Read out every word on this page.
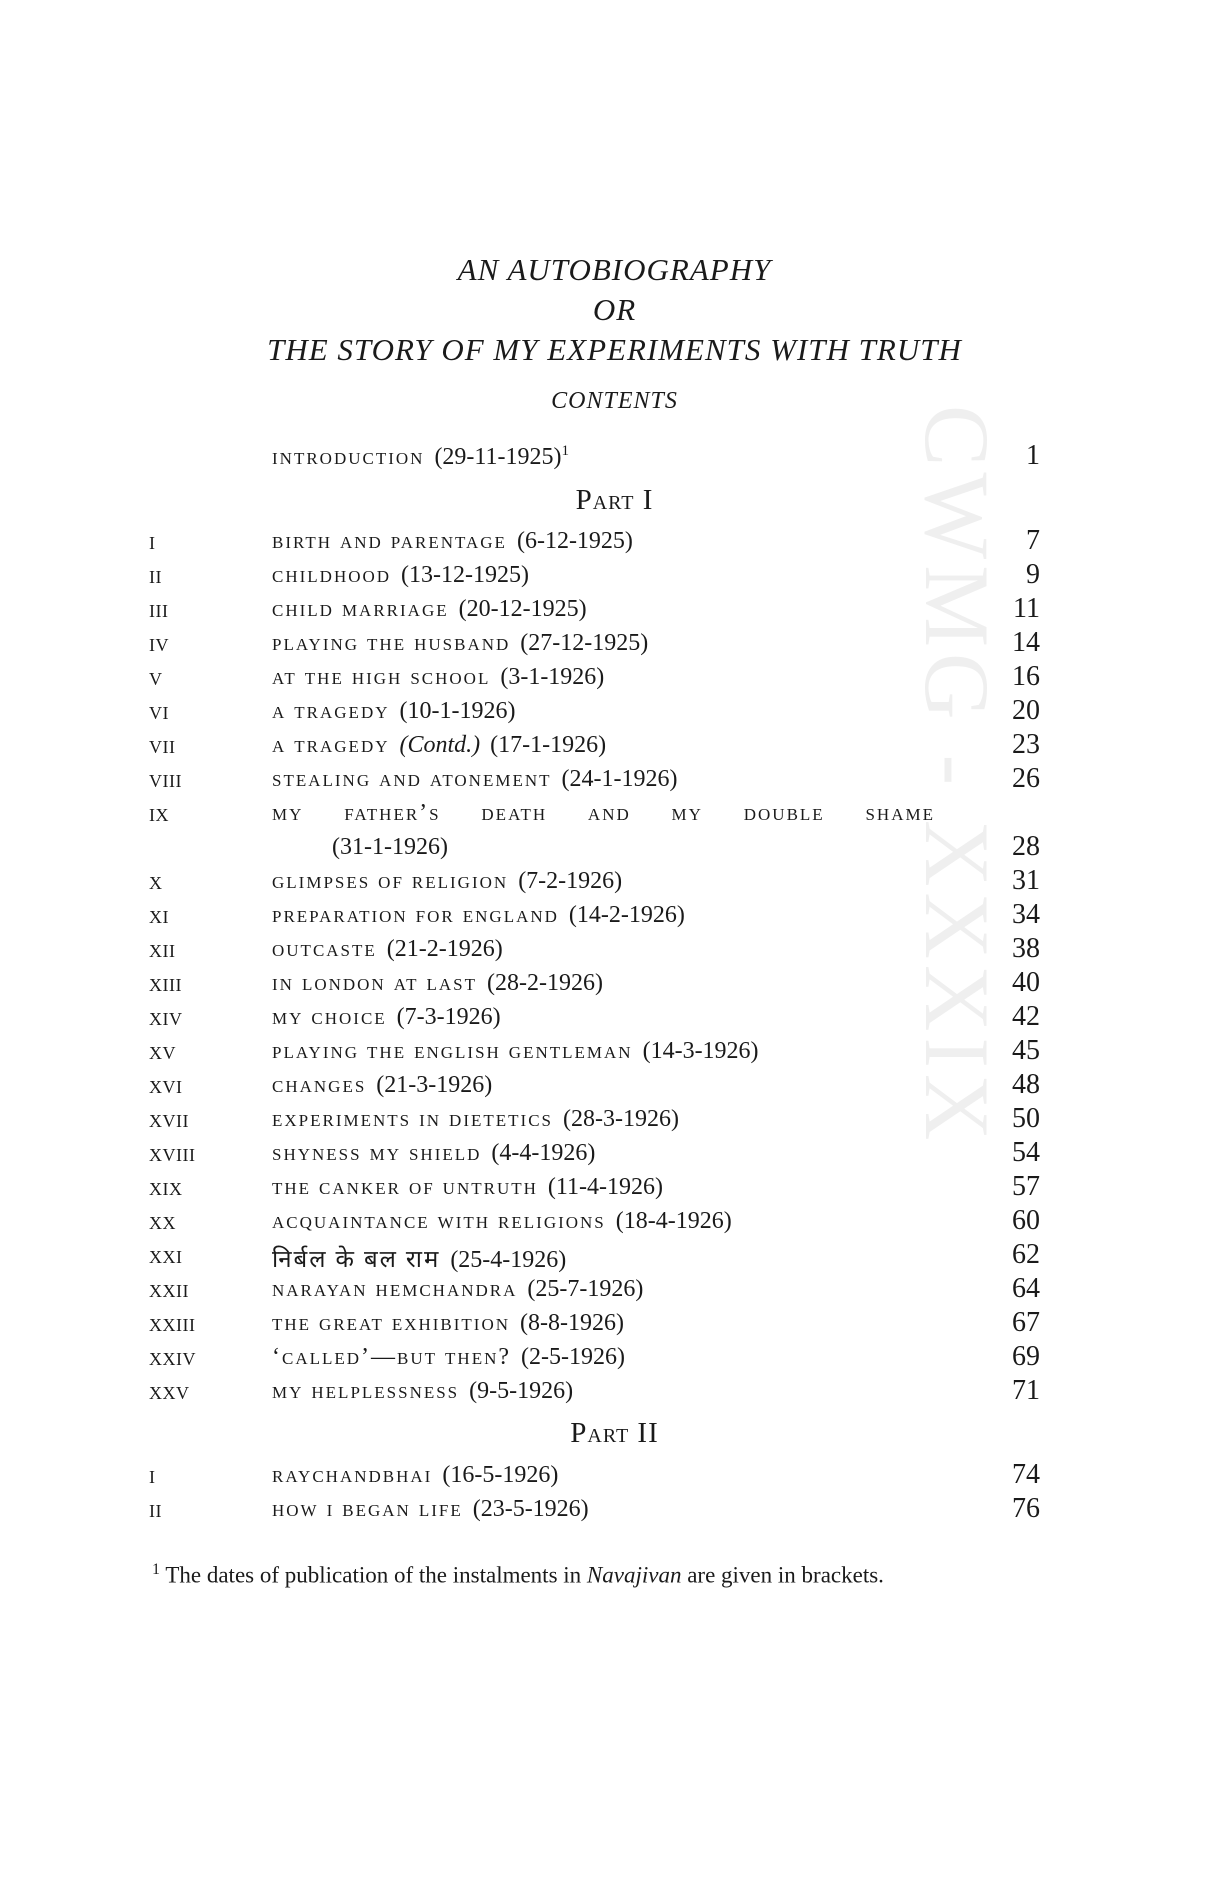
CWMG - XXXIX
AN AUTOBIOGRAPHY
OR
THE STORY OF MY EXPERIMENTS WITH TRUTH
CONTENTS
introduction (29-11-1925)$^1$	1
Part I
I	birth and parentage (6-12-1925)	7
II	childhood (13-12-1925)	9
III	child marriage (20-12-1925)	11
IV	playing the husband (27-12-1925)	14
V	at the high school (3-1-1926)	16
VI	a tragedy (10-1-1926)	20
VII	a tragedy (Contd.) (17-1-1926)	23
VIII	stealing and atonement (24-1-1926)	26
IX	my father’s death and my double shame
(31-1-1926)	28
X	glimpses of religion (7-2-1926)	31
XI	preparation for england (14-2-1926)	34
XII	outcaste (21-2-1926)	38
XIII	in london at last (28-2-1926)	40
XIV	my choice (7-3-1926)	42
XV	playing the english gentleman (14-3-1926)	45
XVI	changes (21-3-1926)	48
XVII	experiments in dietetics (28-3-1926)	50
XVIII	shyness my shield (4-4-1926)	54
XIX	the canker of untruth (11-4-1926)	57
XX	acquaintance with religions (18-4-1926)	60
XXI	निर्बल के बल राम (25-4-1926)	62
XXII	narayan hemchandra (25-7-1926)	64
XXIII	the great exhibition (8-8-1926)	67
XXIV	‘called’—but then? (2-5-1926)	69
XXV	my helplessness (9-5-1926)	71
Part II
I	raychandbhai (16-5-1926)	74
II	how i began life (23-5-1926)	76
$^1$ The dates of publication of the instalments in Navajivan are given in brackets.
